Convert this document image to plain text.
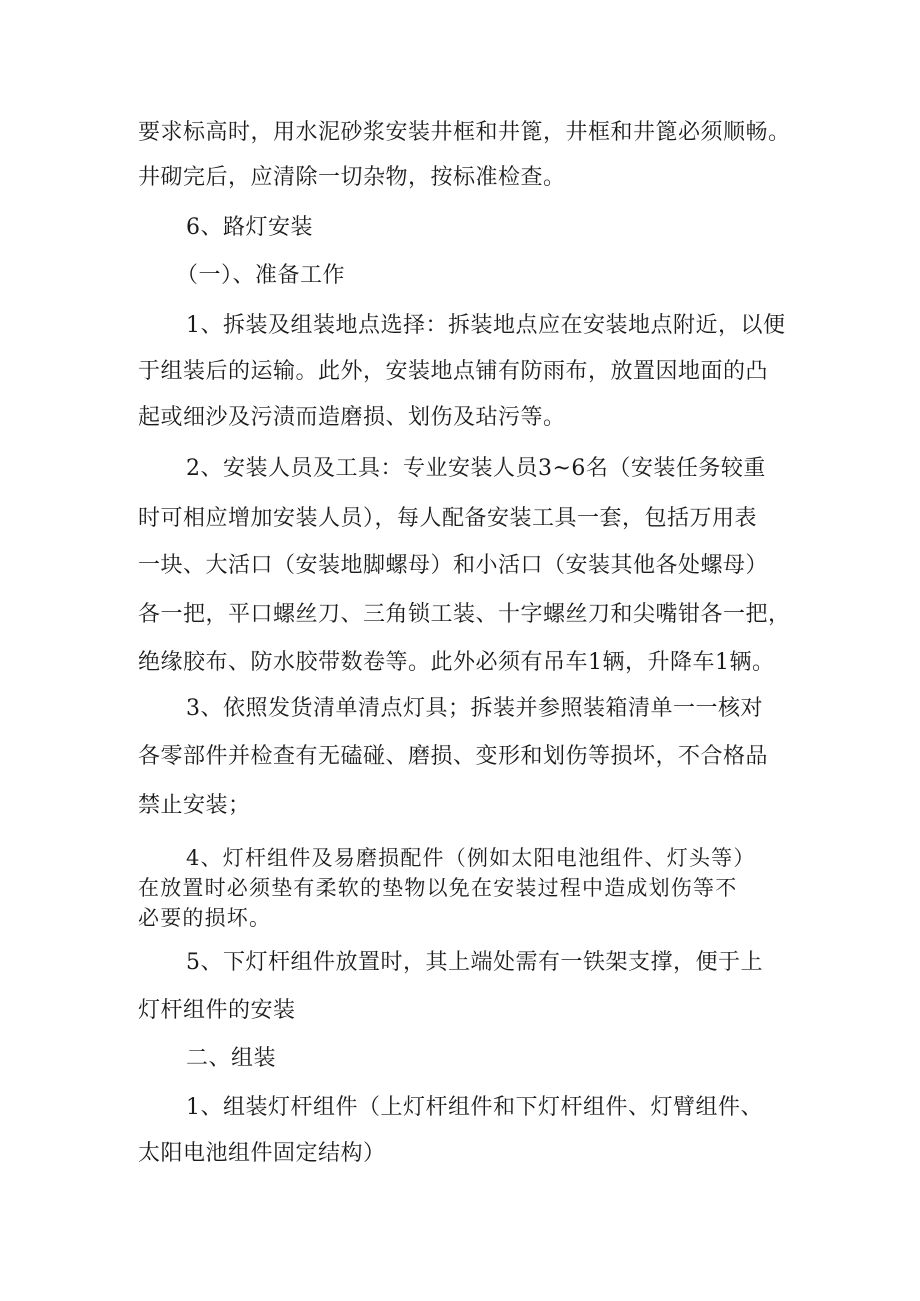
要求标高时，用水泥砂浆安装井框和井篦，井框和井篦必须顺畅。
井砌完后，应清除一切杂物，按标准检查。
6、路灯安装
（一）、准备工作
1、拆装及组装地点选择：拆装地点应在安装地点附近，以便
于组装后的运输。此外，安装地点铺有防雨布，放置因地面的凸
起或细沙及污渍而造磨损、划伤及玷污等。
2、安装人员及工具：专业安装人员3~6名（安装任务较重
时可相应增加安装人员），每人配备安装工具一套，包括万用表
一块、大活口（安装地脚螺母）和小活口（安装其他各处螺母）
各一把，平口螺丝刀、三角锁工装、十字螺丝刀和尖嘴钳各一把，
绝缘胶布、防水胶带数卷等。此外必须有吊车1辆，升降车1辆。
3、依照发货清单清点灯具；拆装并参照装箱清单一一核对
各零部件并检查有无磕碰、磨损、变形和划伤等损坏，不合格品
禁止安装；
4、灯杆组件及易磨损配件（例如太阳电池组件、灯头等）
在放置时必须垫有柔软的垫物以免在安装过程中造成划伤等不
必要的损坏。
5、下灯杆组件放置时，其上端处需有一铁架支撑，便于上
灯杆组件的安装
二、组装
1、组装灯杆组件（上灯杆组件和下灯杆组件、灯臂组件、
太阳电池组件固定结构）
